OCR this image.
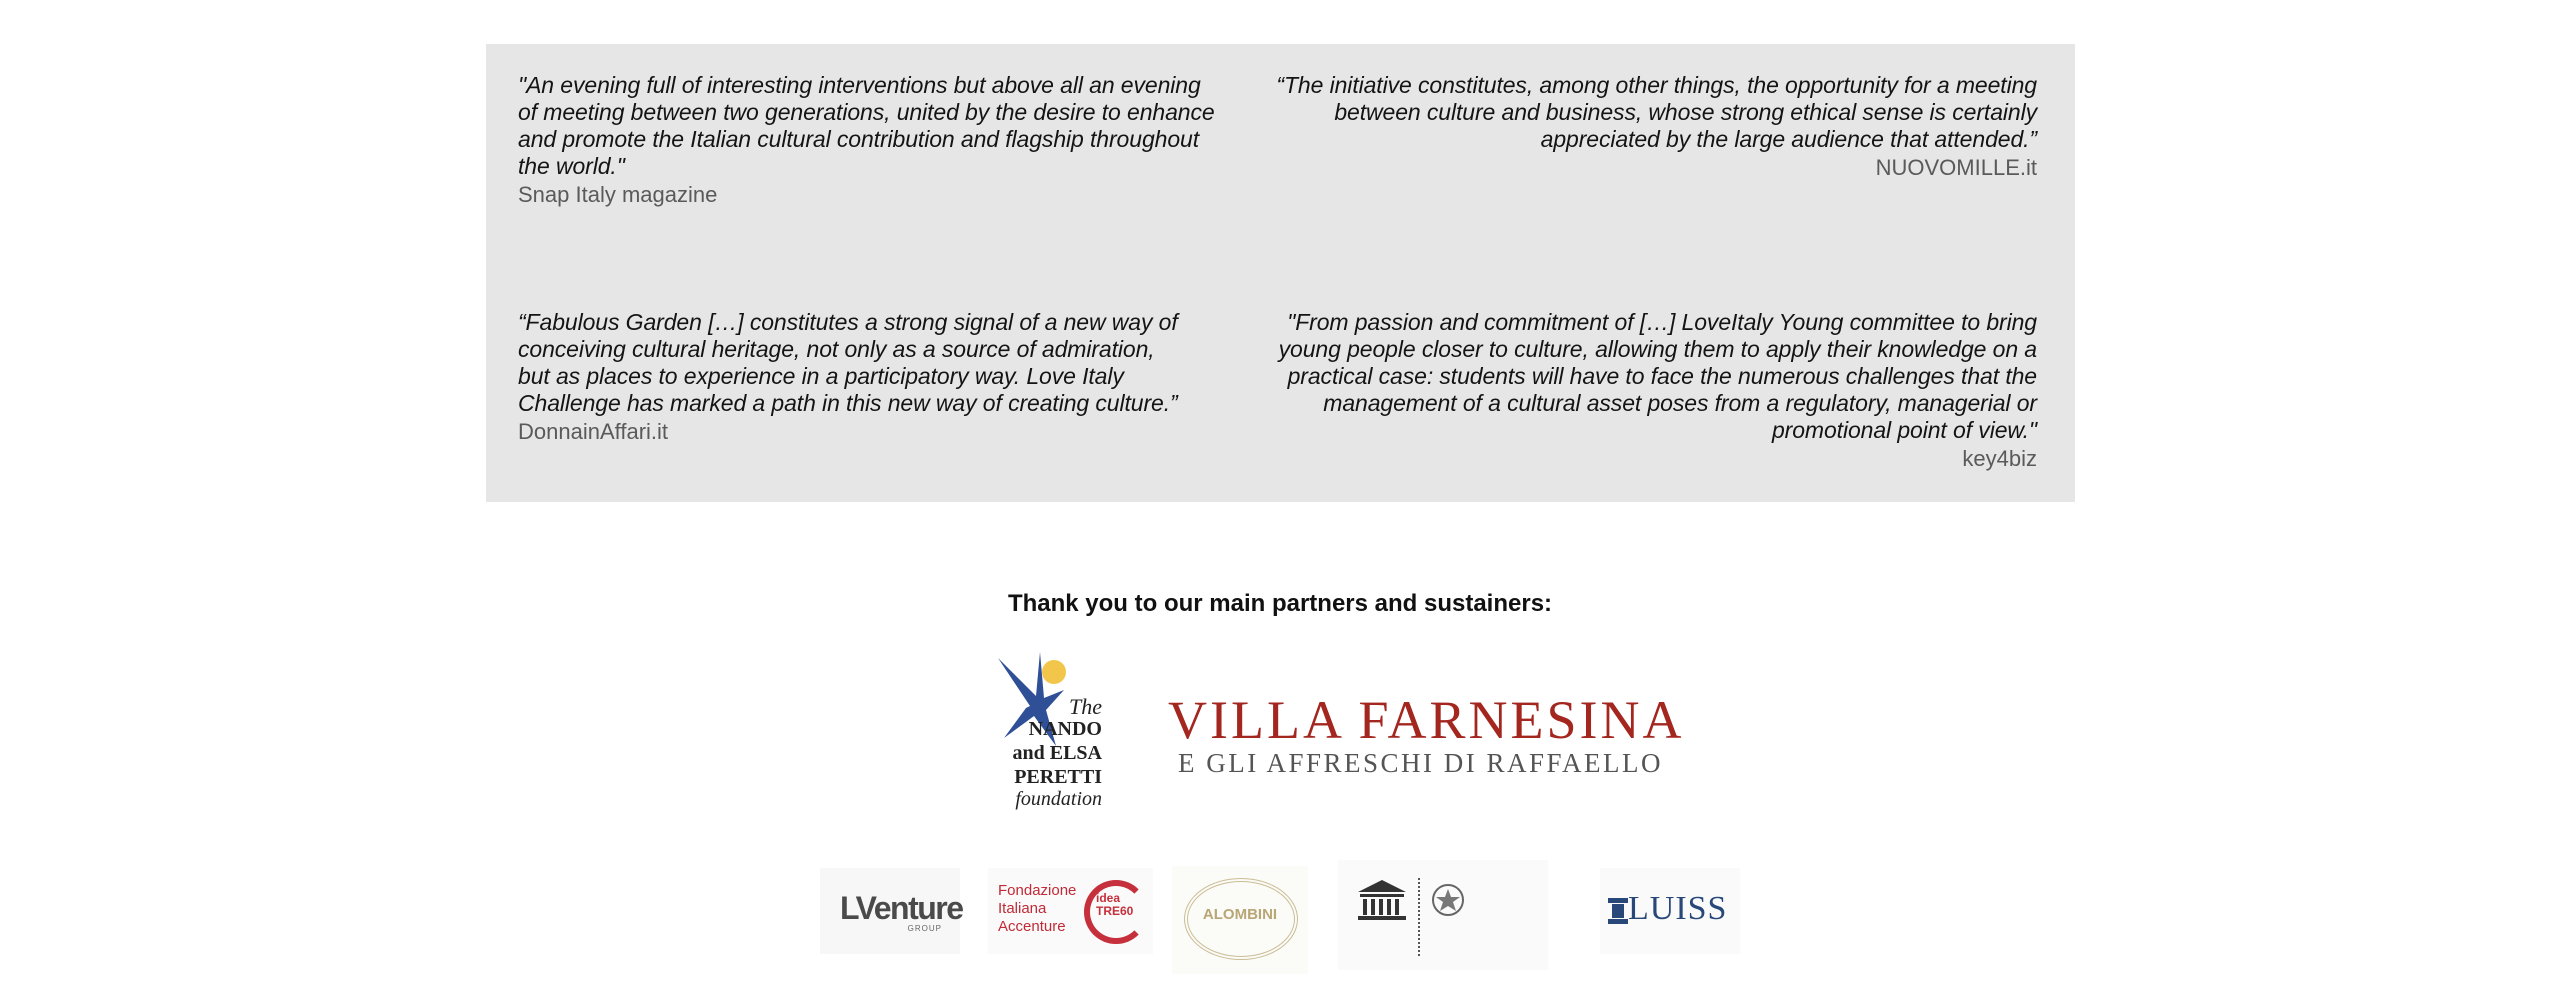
"An evening full of interesting interventions but above all an evening of meeting between two generations, united by the desire to enhance and promote the Italian cultural contribution and flagship throughout the world."
Snap Italy magazine
“The initiative constitutes, among other things, the opportunity for a meeting between culture and business, whose strong ethical sense is certainly appreciated by the large audience that attended.”
NUOVOMILLE.it
“Fabulous Garden […] constitutes a strong signal of a new way of conceiving cultural heritage, not only as a source of admiration, but as places to experience in a participatory way. Love Italy Challenge has marked a path in this new way of creating culture.”
DonnainAffari.it
"From passion and commitment of […] LoveItaly Young committee to bring young people closer to culture, allowing them to apply their knowledge on a practical case: students will have to face the numerous challenges that the management of a cultural asset poses from a regulatory, managerial or promotional point of view."
key4biz
Thank you to our main partners and sustainers:
The
NANDO
and ELSA
PERETTI
foundation
VILLA FARNESINA
E GLI AFFRESCHI DI RAFFAELLO
LVenture
GROUP
Fondazione
Italiana
Accenture
idea
TRE60	ALOMBINI	LUISS
